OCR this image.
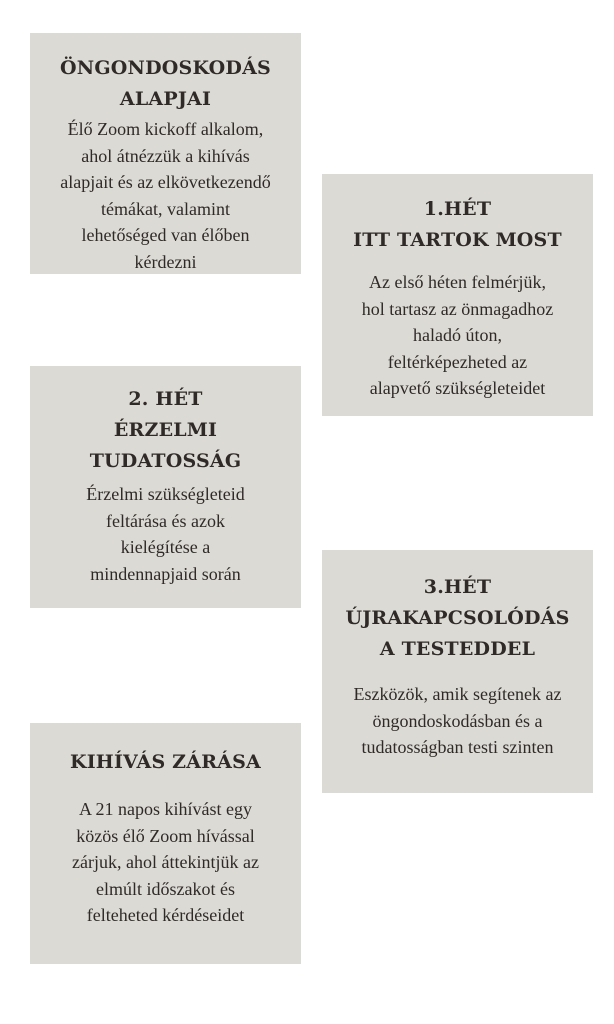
ÖNGONDOSKODÁS
ALAPJAI

Élő Zoom kickoff alkalom,
ahol átnézzük a kihívás
alapjait és az elkövetkezendő
témákat, valamint
lehetőséged van élőben
kérdezni

1.HÉT
ITT TARTOK MOST

Az első héten felmérjük,
hol tartasz az önmagadhoz
haladó úton,
feltérképezheted az
alapvető szükségleteidet

2. HÉT
ÉRZELMI
TUDATOSSÁG

Érzelmi szükségleteid
feltárása és azok
kielégítése a
mindennapjaid során

3.HÉT
ÚJRAKAPCSOLÓDÁS
A TESTEDDEL

Eszközök, amik segítenek az
öngondoskodásban és a
tudatosságban testi szinten

KIHÍVÁS ZÁRÁSA

A 21 napos kihívást egy
közös élő Zoom hívással
zárjuk, ahol áttekintjük az
elmúlt időszakot és
felteheted kérdéseidet
